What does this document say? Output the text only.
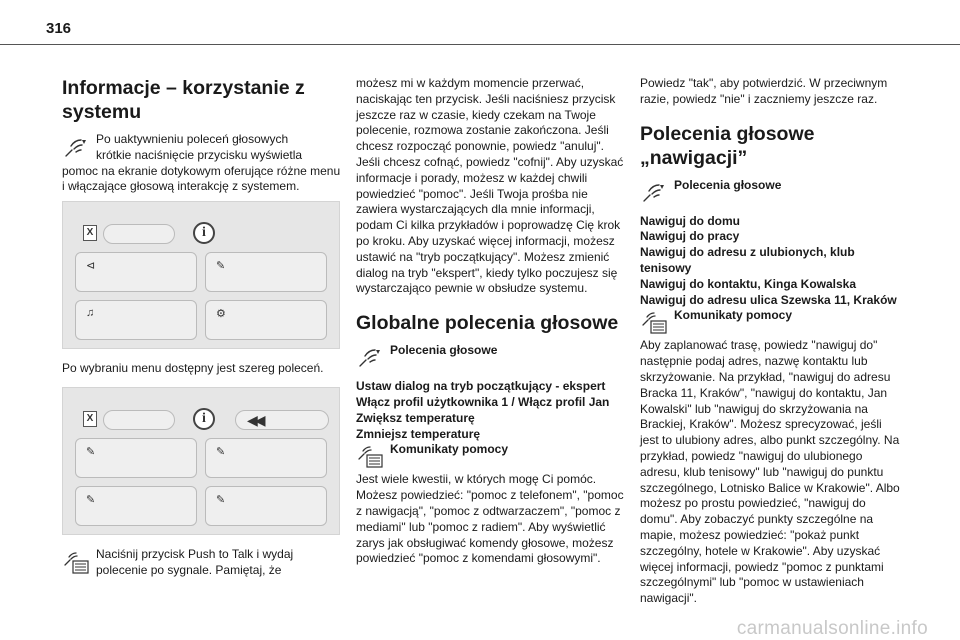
316
Informacje – korzystanie z
systemu
Po uaktywnieniu poleceń głosowych
krótkie naciśnięcie przycisku wyświetla

pomoc na ekranie dotykowym oferujące różne menu i włączające głosową interakcję z systemem.

X	i
⊲	✎
♫	⚙

Po wybraniu menu dostępny jest szereg poleceń.

X	i	◀◀
✎	✎
✎	✎
Naciśnij przycisk Push to Talk i wydaj
polecenie po sygnale. Pamiętaj, że

możesz mi w każdym momencie przerwać, naciskając ten przycisk. Jeśli naciśniesz przycisk jeszcze raz w czasie, kiedy czekam na Twoje polecenie, rozmowa zostanie zakończona. Jeśli chcesz rozpocząć ponownie, powiedz "anuluj". Jeśli chcesz cofnąć, powiedz "cofnij". Aby uzyskać informacje i porady, możesz w każdej chwili powiedzieć "pomoc". Jeśli Twoja prośba nie zawiera wystarczających dla mnie informacji, podam Ci kilka przykładów i poprowadzę Cię krok po kroku. Aby uzyskać więcej informacji, możesz ustawić na "tryb początkujący". Możesz zmienić dialog na tryb "ekspert", kiedy tylko poczujesz się wystarczająco pewnie w obsłudze systemu.

Globalne polecenia głosowe
Polecenia głosowe
Ustaw dialog na tryb początkujący - ekspert
Włącz profil użytkownika 1 / Włącz profil Jan
Zwiększ temperaturę
Zmniejsz temperaturę
Komunikaty pomocy

Jest wiele kwestii, w których mogę Ci pomóc. Możesz powiedzieć: "pomoc z telefonem", "pomoc z nawigacją", "pomoc z odtwarzaczem", "pomoc z mediami" lub "pomoc z radiem". Aby wyświetlić zarys jak obsługiwać komendy głosowe, możesz powiedzieć "pomoc z komendami głosowymi".

Powiedz "tak", aby potwierdzić. W przeciwnym razie, powiedz "nie" i zaczniemy jeszcze raz.

Polecenia głosowe
„nawigacji”
Polecenia głosowe
Nawiguj do domu
Nawiguj do pracy
Nawiguj do adresu z ulubionych, klub tenisowy
Nawiguj do kontaktu, Kinga Kowalska
Nawiguj do adresu ulica Szewska 11, Kraków
Komunikaty pomocy

Aby zaplanować trasę, powiedz "nawiguj do" następnie podaj adres, nazwę kontaktu lub skrzyżowanie. Na przykład, "nawiguj do adresu Bracka 11, Kraków", "nawiguj do kontaktu, Jan Kowalski" lub "nawiguj do skrzyżowania na Brackiej, Kraków". Możesz sprecyzować, jeśli jest to ulubiony adres, albo punkt szczególny. Na przykład, powiedz "nawiguj do ulubionego adresu, klub tenisowy" lub "nawiguj do punktu szczególnego, Lotnisko Balice w Krakowie". Albo możesz po prostu powiedzieć, "nawiguj do domu". Aby zobaczyć punkty szczególne na mapie, możesz powiedzieć: "pokaż punkt szczególny, hotele w Krakowie". Aby uzyskać więcej informacji, powiedz "pomoc z punktami szczególnymi" lub "pomoc w ustawieniach nawigacji".

carmanualsonline.info
